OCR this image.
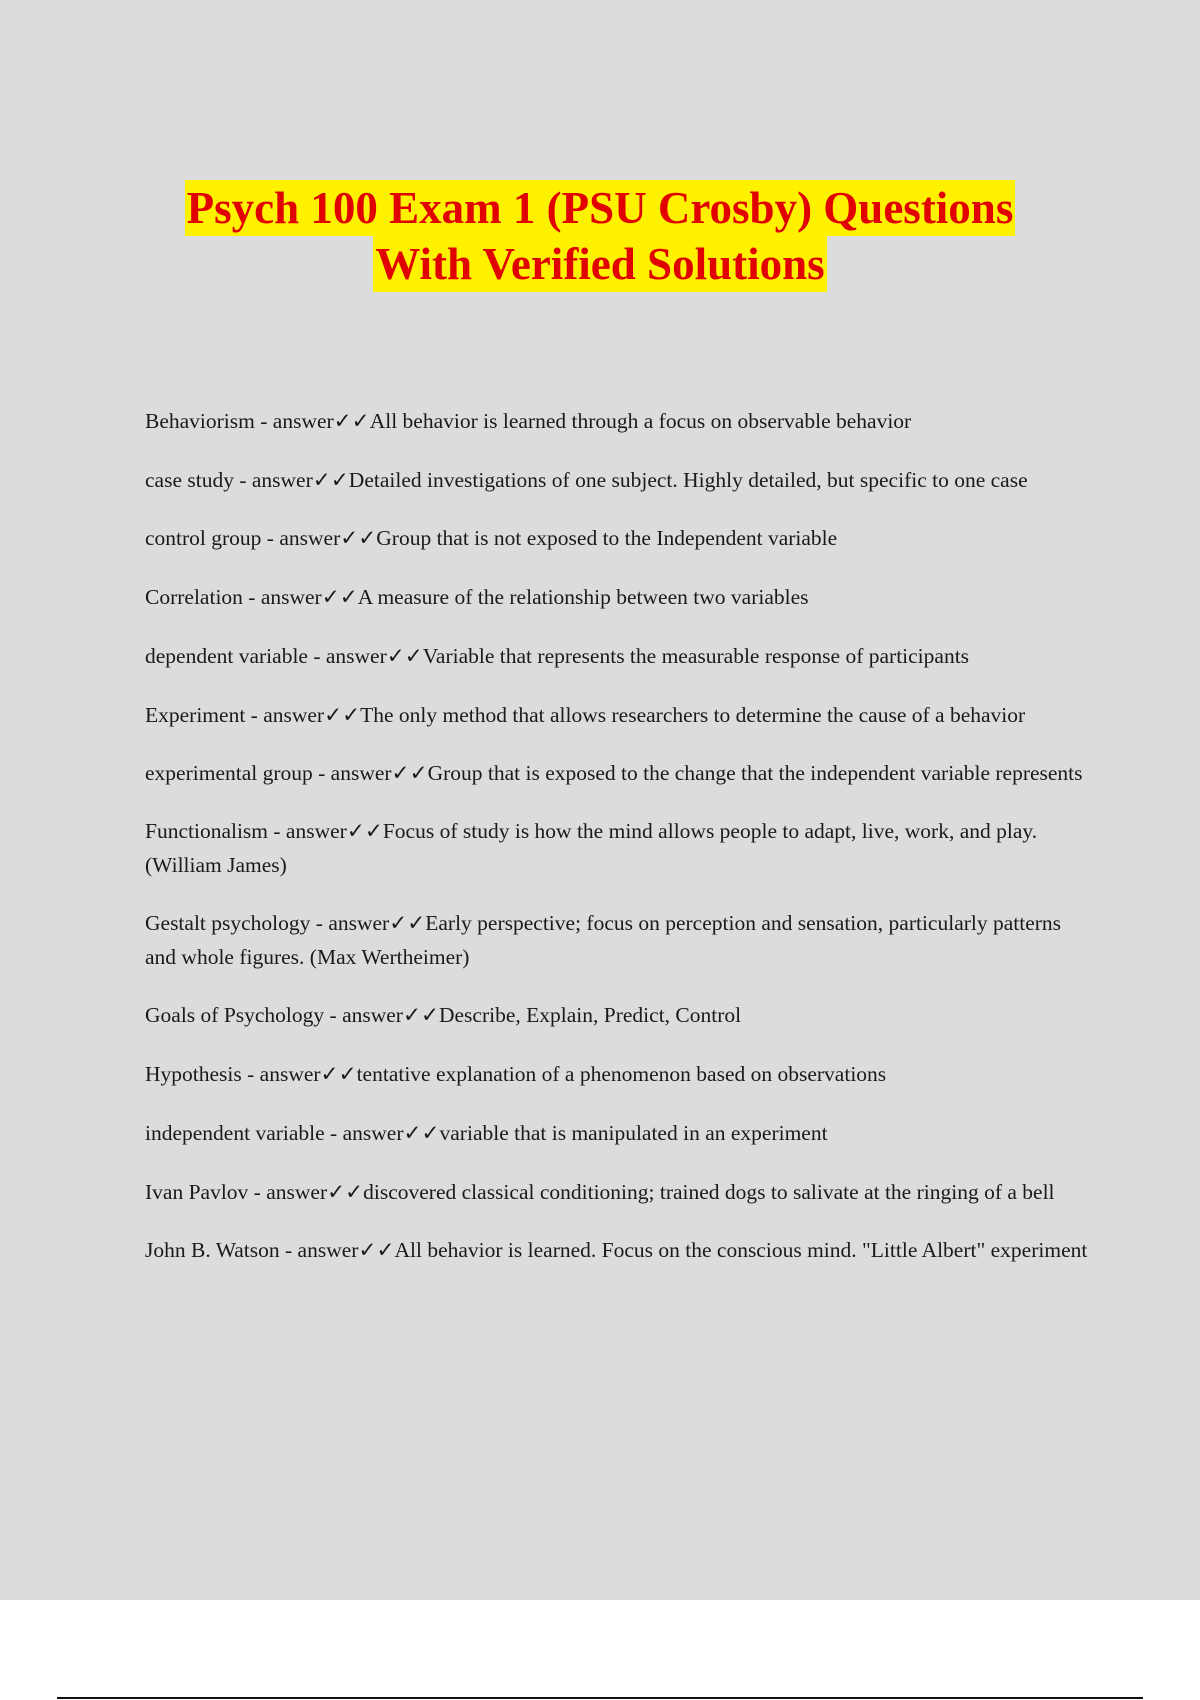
Psych 100 Exam 1 (PSU Crosby) Questions
With Verified Solutions
Behaviorism - answer✓✓All behavior is learned through a focus on observable behavior
case study - answer✓✓Detailed investigations of one subject. Highly detailed, but specific to one case
control group - answer✓✓Group that is not exposed to the Independent variable
Correlation - answer✓✓A measure of the relationship between two variables
dependent variable - answer✓✓Variable that represents the measurable response of participants
Experiment - answer✓✓The only method that allows researchers to determine the cause of a behavior
experimental group - answer✓✓Group that is exposed to the change that the independent variable represents
Functionalism - answer✓✓Focus of study is how the mind allows people to adapt, live, work, and play. (William James)
Gestalt psychology - answer✓✓Early perspective; focus on perception and sensation, particularly patterns and whole figures. (Max Wertheimer)
Goals of Psychology - answer✓✓Describe, Explain, Predict, Control
Hypothesis - answer✓✓tentative explanation of a phenomenon based on observations
independent variable - answer✓✓variable that is manipulated in an experiment
Ivan Pavlov - answer✓✓discovered classical conditioning; trained dogs to salivate at the ringing of a bell
John B. Watson - answer✓✓All behavior is learned. Focus on the conscious mind. "Little Albert" experiment
